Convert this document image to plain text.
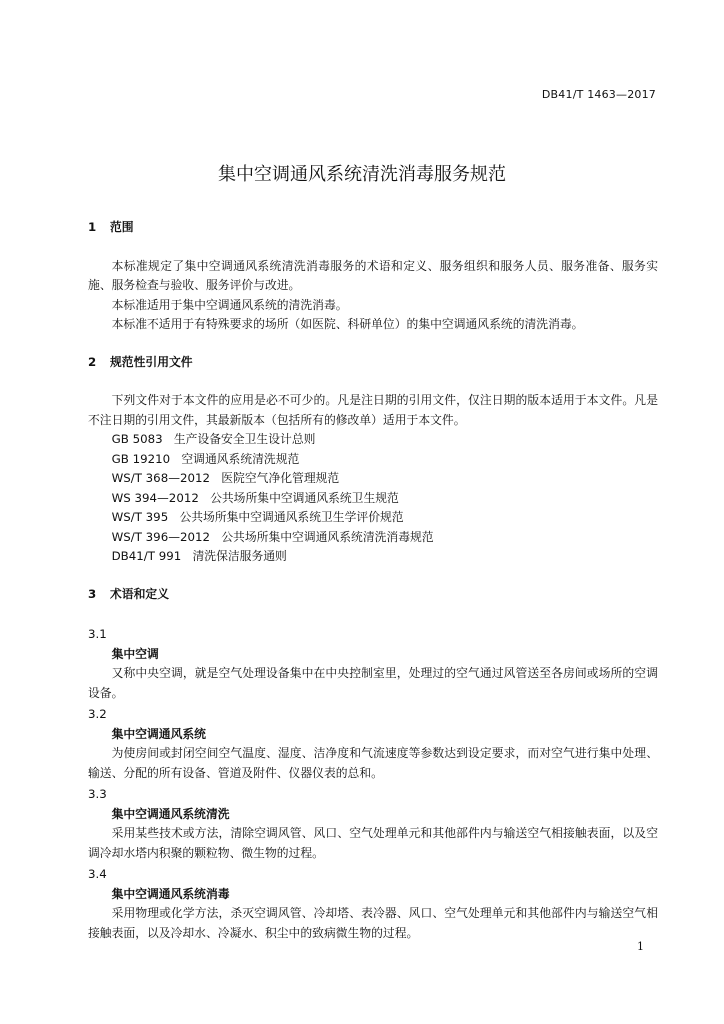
DB41/T 1463—2017
集中空调通风系统清洗消毒服务规范
1 范围

本标准规定了集中空调通风系统清洗消毒服务的术语和定义、服务组织和服务人员、服务准备、服务实施、服务检查与验收、服务评价与改进。

本标准适用于集中空调通风系统的清洗消毒。

本标准不适用于有特殊要求的场所（如医院、科研单位）的集中空调通风系统的清洗消毒。

2 规范性引用文件

下列文件对于本文件的应用是必不可少的。凡是注日期的引用文件，仅注日期的版本适用于本文件。凡是不注日期的引用文件，其最新版本（包括所有的修改单）适用于本文件。

GB 5083   生产设备安全卫生设计总则

GB 19210   空调通风系统清洗规范

WS/T 368—2012   医院空气净化管理规范

WS 394—2012   公共场所集中空调通风系统卫生规范

WS/T 395   公共场所集中空调通风系统卫生学评价规范

WS/T 396—2012   公共场所集中空调通风系统清洗消毒规范

DB41/T 991   清洗保洁服务通则

3 术语和定义

3.1

集中空调

又称中央空调，就是空气处理设备集中在中央控制室里，处理过的空气通过风管送至各房间或场所的空调设备。

3.2

集中空调通风系统

为使房间或封闭空间空气温度、湿度、洁净度和气流速度等参数达到设定要求，而对空气进行集中处理、输送、分配的所有设备、管道及附件、仪器仪表的总和。

3.3

集中空调通风系统清洗

采用某些技术或方法，清除空调风管、风口、空气处理单元和其他部件内与输送空气相接触表面，以及空调冷却水塔内积聚的颗粒物、微生物的过程。

3.4

集中空调通风系统消毒

采用物理或化学方法，杀灭空调风管、冷却塔、表冷器、风口、空气处理单元和其他部件内与输送空气相接触表面，以及冷却水、冷凝水、积尘中的致病微生物的过程。

1
